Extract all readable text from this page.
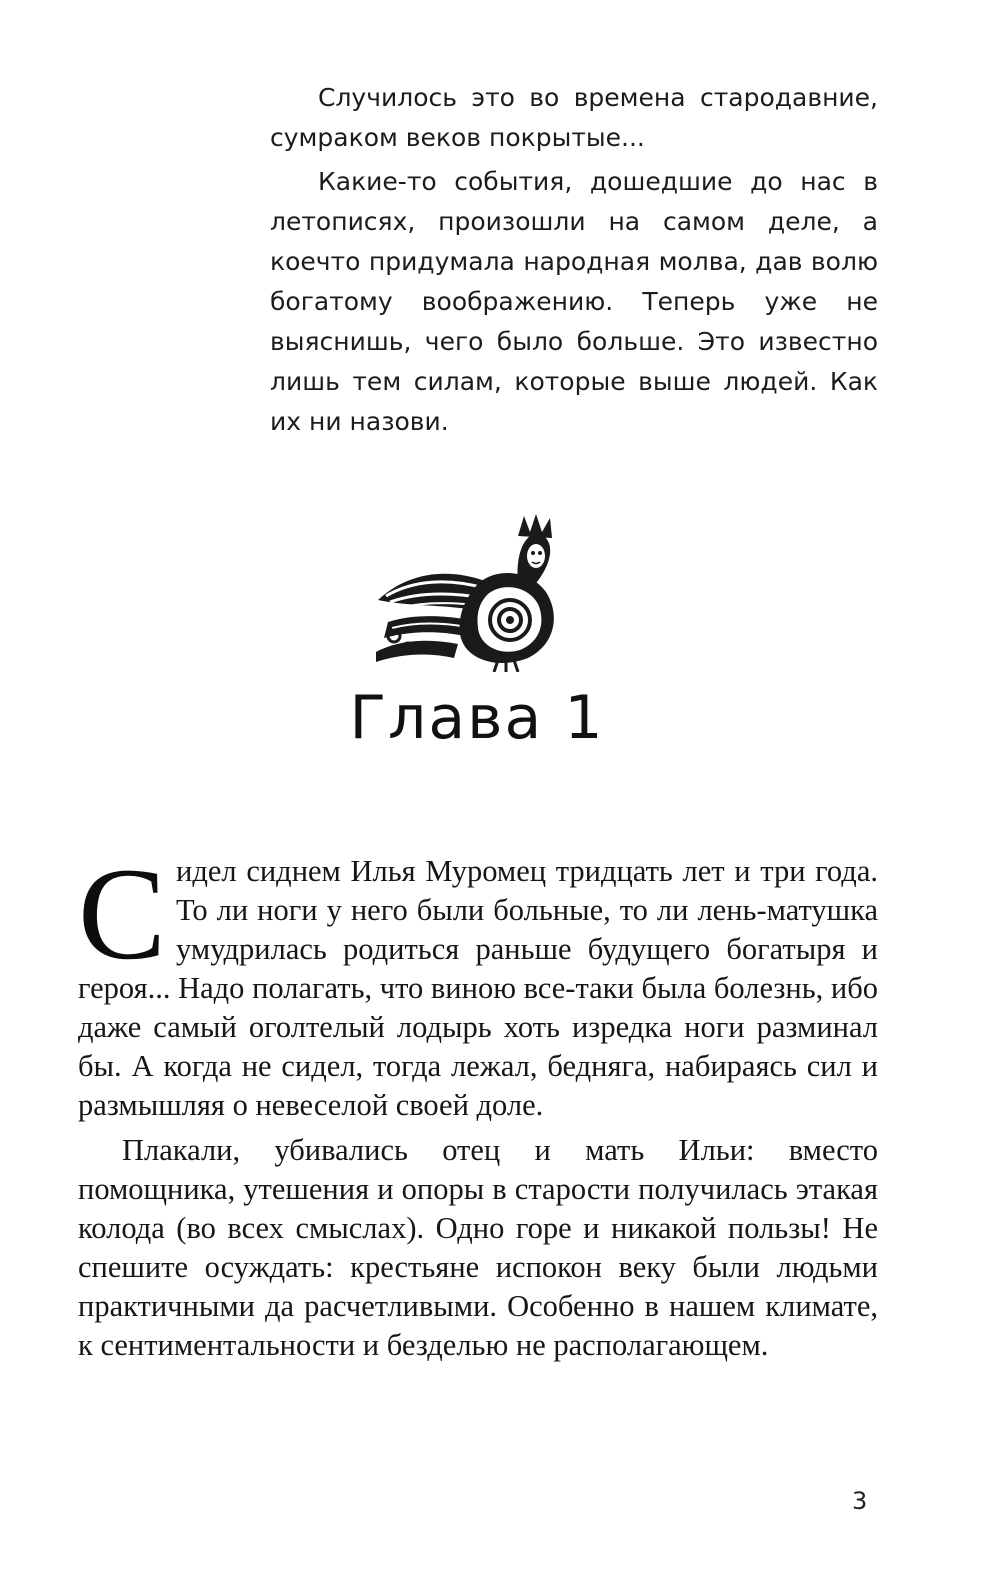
Случилось это во времена стародавние, сумраком веков покрытые...

Какие-то события, дошедшие до нас в летописях, произошли на самом деле, а коечто придумала народная молва, дав волю богатому воображению. Теперь уже не выяснишь, чего было больше. Это известно лишь тем силам, которые выше людей. Как их ни назови.

Глава 1

Сидел сиднем Илья Муромец тридцать лет и три года. То ли ноги у него были больные, то ли лень-матушка умудрилась родиться раньше будущего богатыря и героя... Надо полагать, что виною все-таки была болезнь, ибо даже самый оголтелый лодырь хоть изредка ноги разминал бы. А когда не сидел, тогда лежал, бедняга, набираясь сил и размышляя о невеселой своей доле.

Плакали, убивались отец и мать Ильи: вместо помощника, утешения и опоры в старости получилась этакая колода (во всех смыслах). Одно горе и никакой пользы! Не спешите осуждать: крестьяне испокон веку были людьми практичными да расчетливыми. Особенно в нашем климате, к сентиментальности и безделью не располагающем.

3
